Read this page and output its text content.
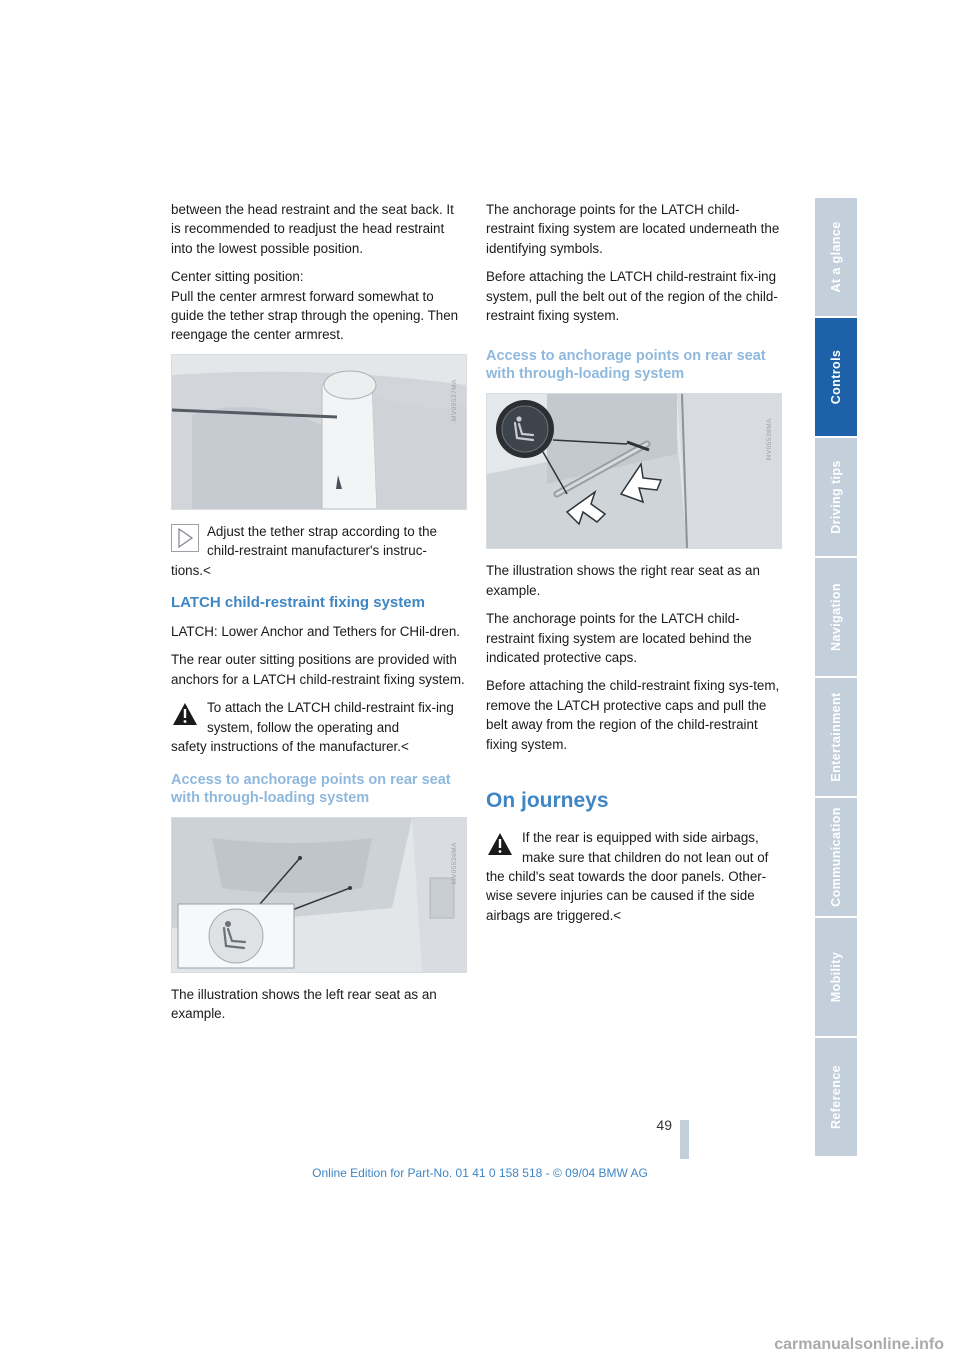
between the head restraint and the seat back. It is recommended to readjust the head restraint into the lowest possible position.

Center sitting position:
Pull the center armrest forward somewhat to guide the tether strap through the opening. Then reengage the center armrest.

MV05537MA

Adjust the tether strap according to the child-restraint manufacturer's instruc-

tions.<

LATCH child-restraint fixing system

LATCH: Lower Anchor and Tethers for CHil-dren.

The rear outer sitting positions are provided with anchors for a LATCH child-restraint fixing system.

To attach the LATCH child-restraint fix-ing system, follow the operating and

safety instructions of the manufacturer.<

Access to anchorage points on rear seat with through-loading system
MV05536MA

The illustration shows the left rear seat as an example.

The anchorage points for the LATCH child-restraint fixing system are located underneath the identifying symbols.

Before attaching the LATCH child-restraint fix-ing system, pull the belt out of the region of the child-restraint fixing system.

Access to anchorage points on rear seat with through-loading system
MV05538MA

The illustration shows the right rear seat as an example.

The anchorage points for the LATCH child-restraint fixing system are located behind the indicated protective caps.

Before attaching the child-restraint fixing sys-tem, remove the LATCH protective caps and pull the belt away from the region of the child-restraint fixing system.

On journeys

If the rear is equipped with side airbags, make sure that children do not lean out of

the child's seat towards the door panels. Other-wise severe injuries can be caused if the side airbags are triggered.<

At a glance
Controls
Driving tips
Navigation
Entertainment
Communication
Mobility
Reference
49
Online Edition for Part-No. 01 41 0 158 518 - © 09/04 BMW AG
carmanualsonline.info
